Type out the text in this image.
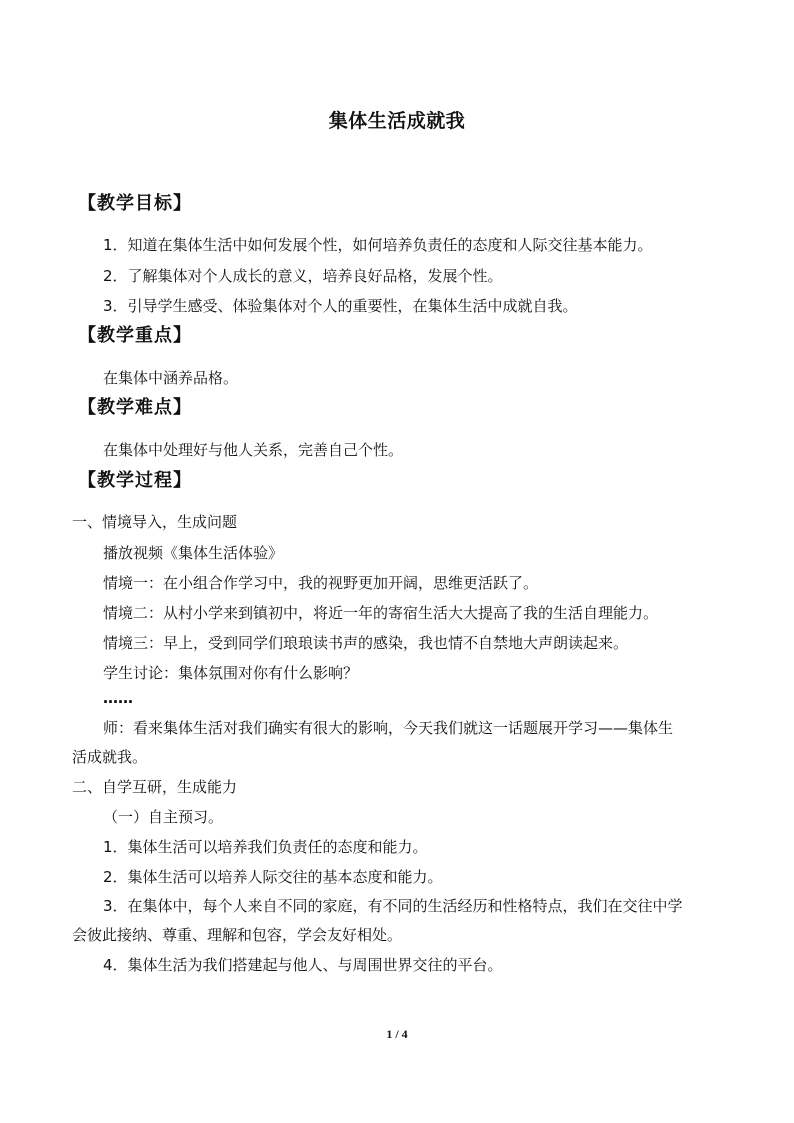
集体生活成就我
【教学目标】
1．知道在集体生活中如何发展个性，如何培养负责任的态度和人际交往基本能力。
2．了解集体对个人成长的意义，培养良好品格，发展个性。
3．引导学生感受、体验集体对个人的重要性，在集体生活中成就自我。
【教学重点】
在集体中涵养品格。
【教学难点】
在集体中处理好与他人关系，完善自己个性。
【教学过程】
一、情境导入，生成问题
播放视频《集体生活体验》
情境一：在小组合作学习中，我的视野更加开阔，思维更活跃了。
情境二：从村小学来到镇初中，将近一年的寄宿生活大大提高了我的生活自理能力。
情境三：早上，受到同学们琅琅读书声的感染，我也情不自禁地大声朗读起来。
学生讨论：集体氛围对你有什么影响？
……
师：看来集体生活对我们确实有很大的影响，今天我们就这一话题展开学习——集体生
活成就我。
二、自学互研，生成能力
（一）自主预习。
1．集体生活可以培养我们负责任的态度和能力。
2．集体生活可以培养人际交往的基本态度和能力。
3．在集体中，每个人来自不同的家庭，有不同的生活经历和性格特点，我们在交往中学
会彼此接纳、尊重、理解和包容，学会友好相处。
4．集体生活为我们搭建起与他人、与周围世界交往的平台。
1 / 4
